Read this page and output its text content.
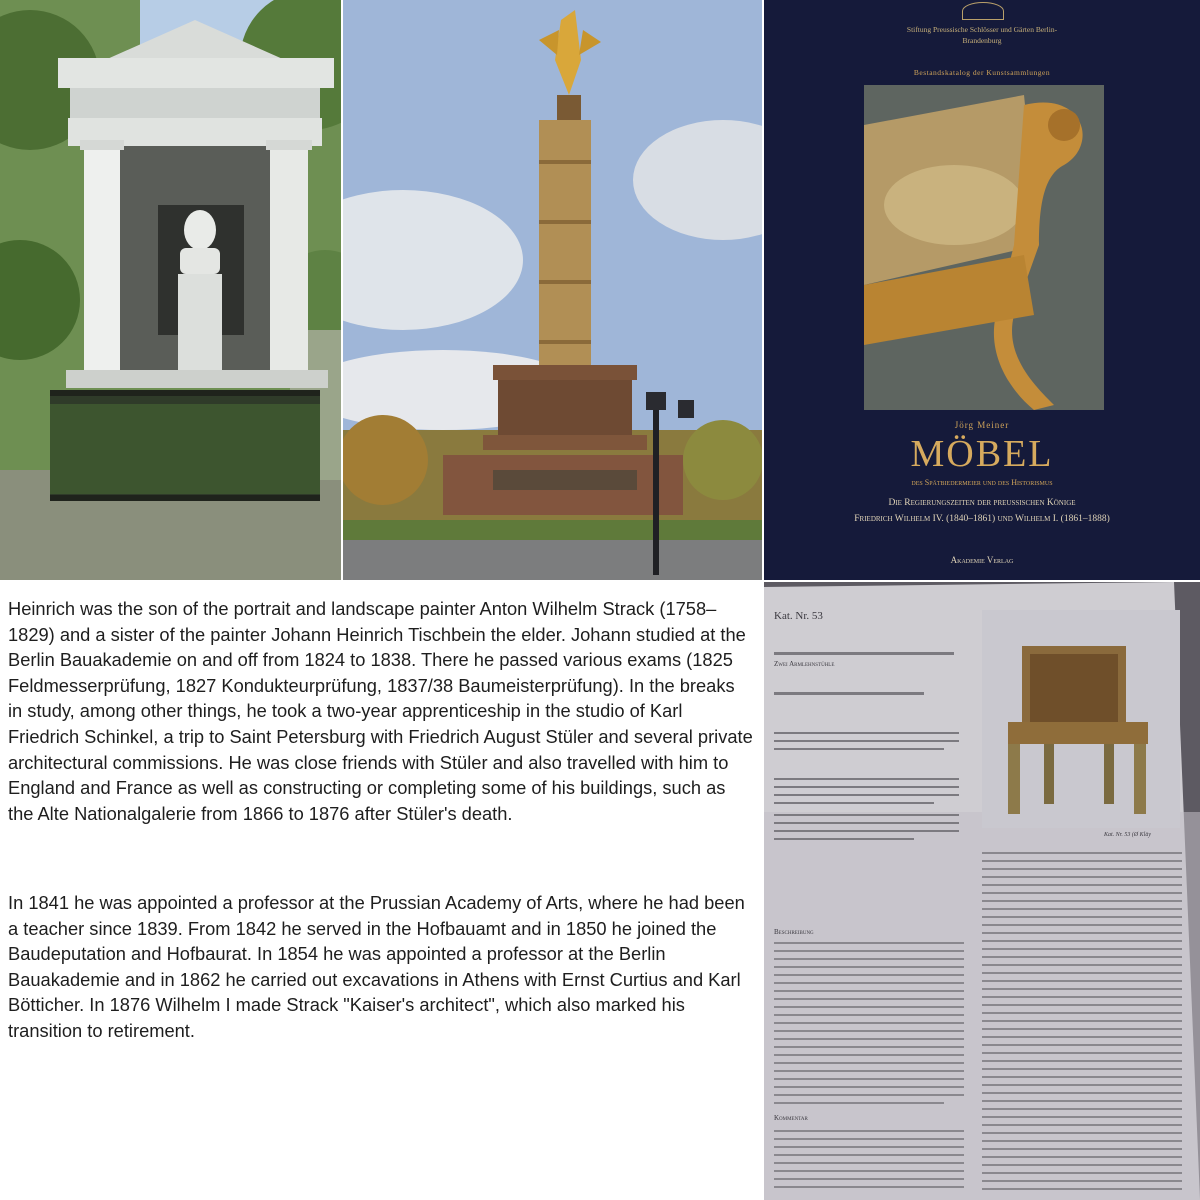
Stiftung Preussische Schlösser und Gärten Berlin-Brandenburg

Bestandskatalog der Kunstsammlungen

Jörg Meiner

MÖBEL

des Spätbiedermeier und des Historismus

Die Regierungszeiten der preussischen Könige

Friedrich Wilhelm IV. (1840–1861) und Wilhelm I. (1861–1888)

Akademie Verlag

Heinrich was the son of the portrait and landscape painter Anton Wilhelm Strack (1758–1829) and a sister of the painter Johann Heinrich Tischbein the elder. Johann studied at the Berlin Bauakademie on and off from 1824 to 1838. There he passed various exams (1825 Feldmesserprüfung, 1827 Kondukteurprüfung, 1837/38 Baumeisterprüfung). In the breaks in study, among other things, he took a two-year apprenticeship in the studio of Karl Friedrich Schinkel, a trip to Saint Petersburg with Friedrich August Stüler and several private architectural commissions. He was close friends with Stüler and also travelled with him to England and France as well as constructing or completing some of his buildings, such as the Alte Nationalgalerie from 1866 to 1876 after Stüler's death.

In 1841 he was appointed a professor at the Prussian Academy of Arts, where he had been a teacher since 1839. From 1842 he served in the Hofbauamt and in 1850 he joined the Baudeputation and Hofbaurat. In 1854 he was appointed a professor at the Berlin Bauakademie and in 1862 he carried out excavations in Athens with Ernst Curtius and Karl Bötticher. In 1876 Wilhelm I made Strack "Kaiser's architect", which also marked his transition to retirement.

Kat. Nr. 53

Zwei Armlehnstühle

Kat. Nr. 53 (Ø Kläy

Beschreibung

Kommentar
